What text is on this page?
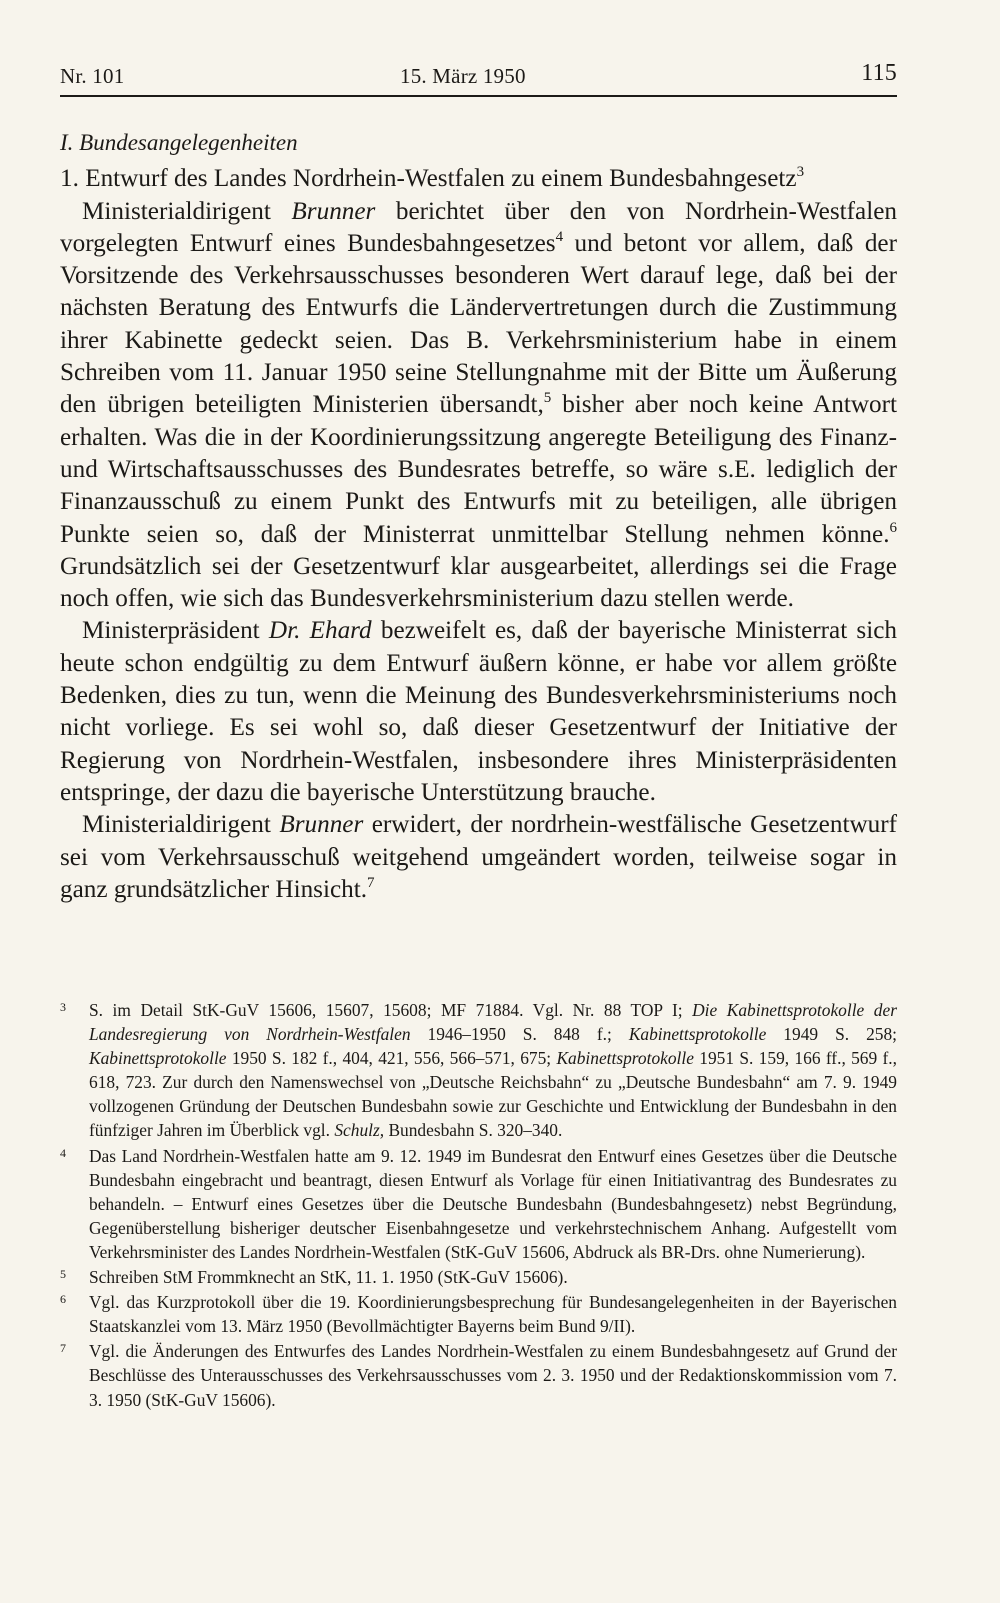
Nr. 101	15. März 1950	115
I. Bundesangelegenheiten

1. Entwurf des Landes Nordrhein-Westfalen zu einem Bundesbahngesetz$^3$

Ministerialdirigent Brunner berichtet über den von Nordrhein-Westfalen vorgelegten Entwurf eines Bundesbahngesetzes$^4$ und betont vor allem, daß der Vorsitzende des Verkehrsausschusses besonderen Wert darauf lege, daß bei der nächsten Beratung des Entwurfs die Ländervertretungen durch die Zustimmung ihrer Kabinette gedeckt seien. Das B. Verkehrsministerium habe in einem Schreiben vom 11. Januar 1950 seine Stellungnahme mit der Bitte um Äußerung den übrigen beteiligten Ministerien übersandt,$^5$ bisher aber noch keine Antwort erhalten. Was die in der Koordinierungssitzung angeregte Beteiligung des Finanz- und Wirtschaftsausschusses des Bundesrates betreffe, so wäre s.E. lediglich der Finanzausschuß zu einem Punkt des Entwurfs mit zu beteiligen, alle übrigen Punkte seien so, daß der Ministerrat unmittelbar Stellung nehmen könne.$^6$ Grundsätzlich sei der Gesetzentwurf klar ausgearbeitet, allerdings sei die Frage noch offen, wie sich das Bundesverkehrsministerium dazu stellen werde.

Ministerpräsident Dr. Ehard bezweifelt es, daß der bayerische Ministerrat sich heute schon endgültig zu dem Entwurf äußern könne, er habe vor allem größte Bedenken, dies zu tun, wenn die Meinung des Bundesverkehrsministeriums noch nicht vorliege. Es sei wohl so, daß dieser Gesetzentwurf der Initiative der Regierung von Nordrhein-Westfalen, insbesondere ihres Ministerpräsidenten entspringe, der dazu die bayerische Unterstützung brauche.

Ministerialdirigent Brunner erwidert, der nordrhein-westfälische Gesetzentwurf sei vom Verkehrsausschuß weitgehend umgeändert worden, teilweise sogar in ganz grundsätzlicher Hinsicht.$^7$

3 S. im Detail StK-GuV 15606, 15607, 15608; MF 71884. Vgl. Nr. 88 TOP I; Die Kabinettsprotokolle der Landesregierung von Nordrhein-Westfalen 1946–1950 S. 848 f.; Kabinettsprotokolle 1949 S. 258; Kabinettsprotokolle 1950 S. 182 f., 404, 421, 556, 566–571, 675; Kabinettsprotokolle 1951 S. 159, 166 ff., 569 f., 618, 723. Zur durch den Namenswechsel von „Deutsche Reichsbahn“ zu „Deutsche Bundesbahn“ am 7. 9. 1949 vollzogenen Gründung der Deutschen Bundesbahn sowie zur Geschichte und Entwicklung der Bundesbahn in den fünfziger Jahren im Überblick vgl. Schulz, Bundesbahn S. 320–340.
4 Das Land Nordrhein-Westfalen hatte am 9. 12. 1949 im Bundesrat den Entwurf eines Gesetzes über die Deutsche Bundesbahn eingebracht und beantragt, diesen Entwurf als Vorlage für einen Initiativantrag des Bundesrates zu behandeln. – Entwurf eines Gesetzes über die Deutsche Bundesbahn (Bundesbahngesetz) nebst Begründung, Gegenüberstellung bisheriger deutscher Eisenbahngesetze und verkehrstechnischem Anhang. Aufgestellt vom Verkehrsminister des Landes Nordrhein-Westfalen (StK-GuV 15606, Abdruck als BR-Drs. ohne Numerierung).
5 Schreiben StM Frommknecht an StK, 11. 1. 1950 (StK-GuV 15606).
6 Vgl. das Kurzprotokoll über die 19. Koordinierungsbesprechung für Bundesangelegenheiten in der Bayerischen Staatskanzlei vom 13. März 1950 (Bevollmächtigter Bayerns beim Bund 9/II).
7 Vgl. die Änderungen des Entwurfes des Landes Nordrhein-Westfalen zu einem Bundesbahngesetz auf Grund der Beschlüsse des Unterausschusses des Verkehrsausschusses vom 2. 3. 1950 und der Redaktionskommission vom 7. 3. 1950 (StK-GuV 15606).
